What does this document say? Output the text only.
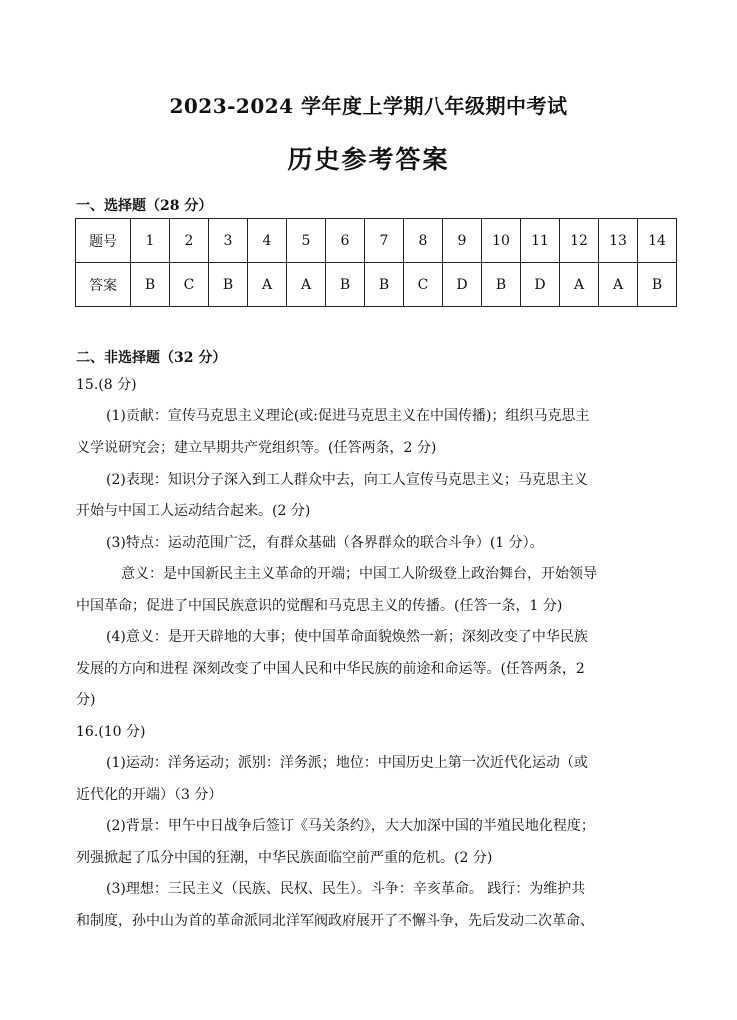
2023-2024 学年度上学期八年级期中考试
历史参考答案
一、选择题（28 分）
题号	1	2	3	4	5	6	7	8	9	10	11	12	13	14
答案	B	C	B	A	A	B	B	C	D	B	D	A	A	B
二、非选择题（32 分）
15.(8 分)
(1)贡献：宣传马克思主义理论(或:促进马克思主义在中国传播)；组织马克思主
义学说研究会；建立早期共产党组织等。(任答两条，2 分)
(2)表现：知识分子深入到工人群众中去，向工人宣传马克思主义；马克思主义
开始与中国工人运动结合起来。(2 分)
(3)特点：运动范围广泛，有群众基础（各界群众的联合斗争）(1 分）。
意义：是中国新民主主义革命的开端；中国工人阶级登上政治舞台，开始领导
中国革命；促进了中国民族意识的觉醒和马克思主义的传播。(任答一条，1 分)
(4)意义：是开天辟地的大事；使中国革命面貌焕然一新；深刻改变了中华民族
发展的方向和进程 深刻改变了中国人民和中华民族的前途和命运等。(任答两条，2
分)
16.(10 分)
(1)运动：洋务运动；派别：洋务派；地位：中国历史上第一次近代化运动（或
近代化的开端）（3 分）
(2)背景：甲午中日战争后签订《马关条约》，大大加深中国的半殖民地化程度；
列强掀起了瓜分中国的狂潮，中华民族面临空前严重的危机。(2 分)
(3)理想：三民主义（民族、民权、民生）。斗争：辛亥革命。 践行：为维护共
和制度，孙中山为首的革命派同北洋军阀政府展开了不懈斗争，先后发动二次革命、
